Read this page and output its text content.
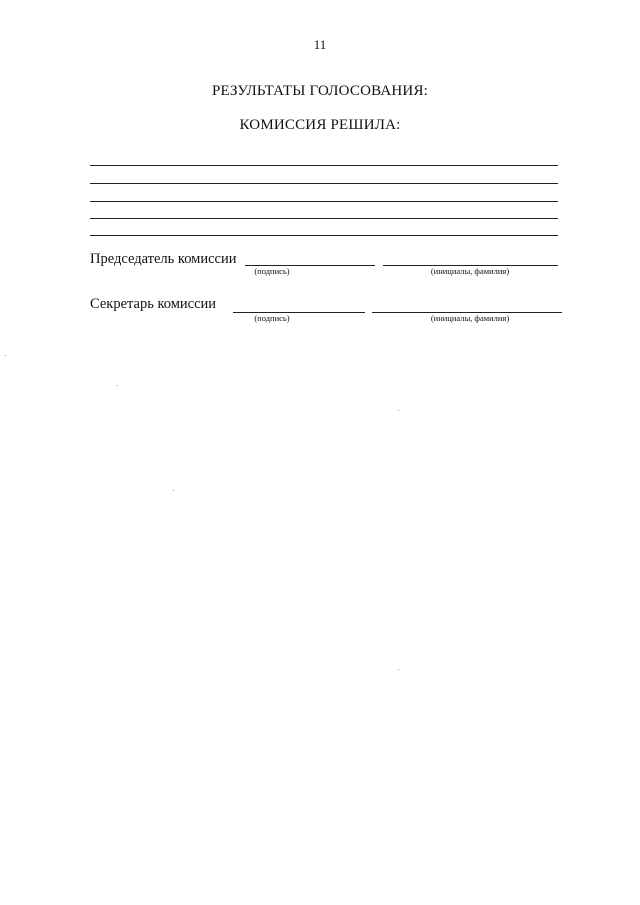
11
РЕЗУЛЬТАТЫ ГОЛОСОВАНИЯ:
КОМИССИЯ РЕШИЛА:
Председатель комиссии
(подпись)	(инициалы, фамилия)
Секретарь комиссии
(подпись)	(инициалы, фамилия)
